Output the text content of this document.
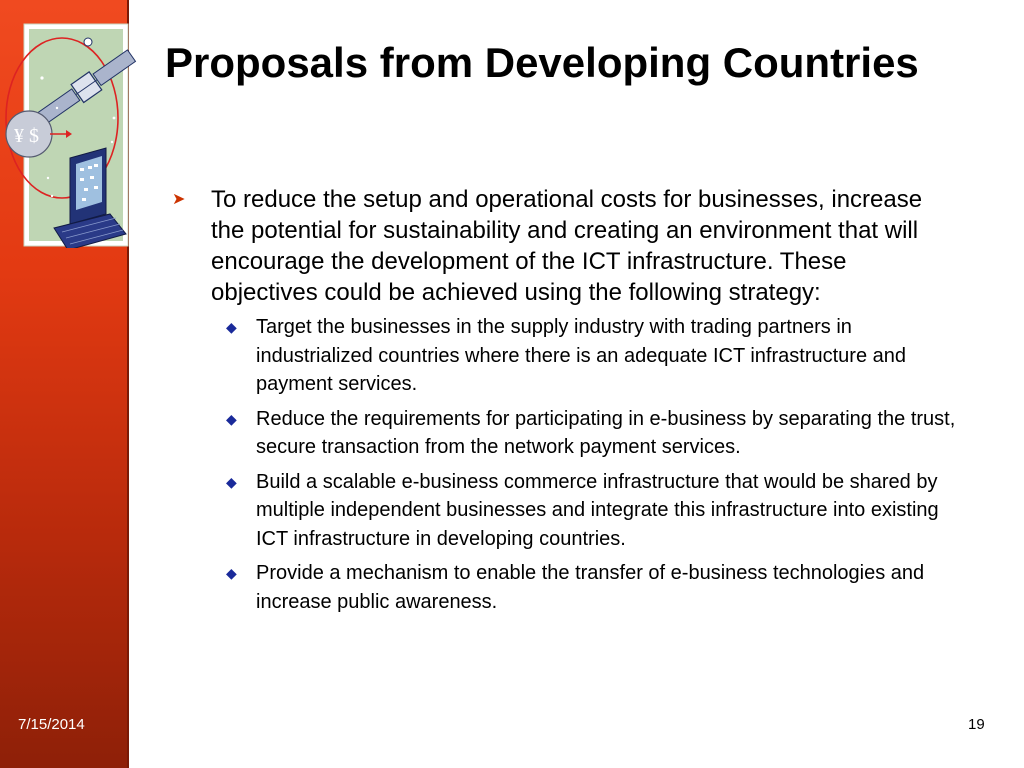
¥ $
Proposals from Developing Countries
➤ To reduce the setup and operational costs for businesses, increase the potential for sustainability and creating an environment that will encourage the development of the ICT infrastructure. These objectives could be achieved using the following strategy:
◆ Target the businesses in the supply industry with trading partners in industrialized countries where there is an adequate ICT infrastructure and payment services.
◆ Reduce the requirements for participating in e-business by separating the trust, secure transaction from the network payment services.
◆ Build a scalable e-business commerce infrastructure that would be shared by multiple independent businesses and integrate this infrastructure into existing ICT infrastructure in developing countries.
◆ Provide a mechanism to enable the transfer of e-business technologies and increase public awareness.
7/15/2014	19
